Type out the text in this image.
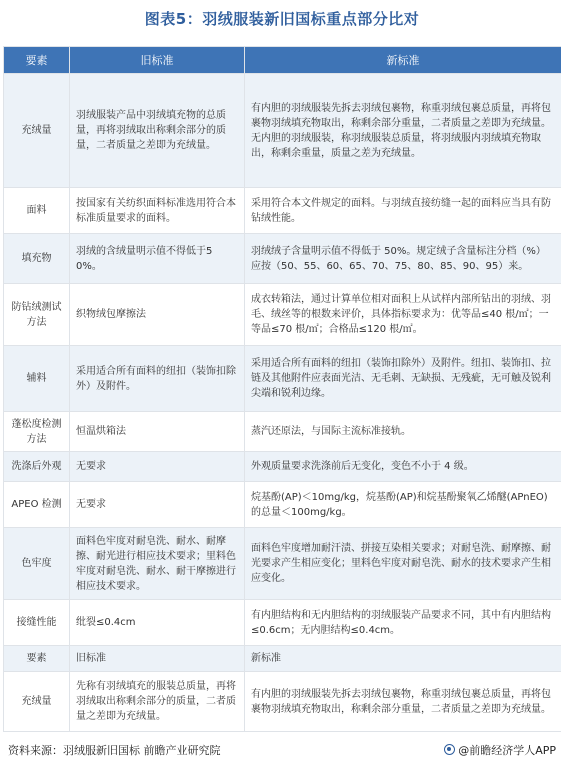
图表5：羽绒服装新旧国标重点部分比对
要素	旧标准	新标准
充绒量	羽绒服装产品中羽绒填充物的总质量，再将羽绒取出称剩余部分的质量，二者质量之差即为充绒量。	有内胆的羽绒服装先拆去羽绒包裹物，称重羽绒包裹总质量，再将包裹物羽绒填充物取出，称剩余部分重量，二者质量之差即为充绒量。无内胆的羽绒服装，称羽绒服装总质量，将羽绒服内羽绒填充物取出，称剩余重量，质量之差为充绒量。
面料	按国家有关纺织面料标准选用符合本标准质量要求的面料。	采用符合本文件规定的面料。与羽绒直接纺缝一起的面料应当具有防钻绒性能。
填充物	羽绒的含绒量明示值不得低于50%。	羽绒绒子含量明示值不得低于 50%。规定绒子含量标注分档（%）应按（50、55、60、65、70、75、80、85、90、95）来。
防钻绒测试方法	织物绒包摩擦法	成衣转箱法，通过计算单位相对面积上从试样内部所钻出的羽绒、羽毛、绒丝等的根数来评价，具体指标要求为：优等品≤40 根/㎡；一等品≤70 根/㎡；合格品≤120 根/㎡。
辅料	采用适合所有面料的纽扣（装饰扣除外）及附件。	采用适合所有面料的纽扣（装饰扣除外）及附件。纽扣、装饰扣、拉链及其他附件应表面光洁、无毛刺、无缺损、无残疵，无可触及锐利尖端和锐利边缘。
蓬松度检测方法	恒温烘箱法	蒸汽还原法，与国际主流标准接轨。
洗涤后外观	无要求	外观质量要求洗涤前后无变化，变色不小于 4 级。
APEO 检测	无要求	烷基酚(AP)＜10mg/kg，烷基酚(AP)和烷基酚聚氧乙烯醚(APnEO)的总量＜100mg/kg。
色牢度	面料色牢度对耐皂洗、耐水、耐摩擦、耐光进行相应技术要求；里料色牢度对耐皂洗、耐水、耐干摩擦进行相应技术要求。	面料色牢度增加耐汗渍、拼接互染相关要求；对耐皂洗、耐摩擦、耐光要求产生相应变化；里料色牢度对耐皂洗、耐水的技术要求产生相应变化。
接缝性能	纰裂≤0.4cm	有内胆结构和无内胆结构的羽绒服装产品要求不同，其中有内胆结构≤0.6cm；无内胆结构≤0.4cm。
要素	旧标准	新标准
充绒量	先称有羽绒填充的服装总质量，再将羽绒取出称剩余部分的质量，二者质量之差即为充绒量。	有内胆的羽绒服装先拆去羽绒包裹物，称重羽绒包裹总质量，再将包裹物羽绒填充物取出，称剩余部分重量，二者质量之差即为充绒量。
资料来源：羽绒服新旧国标 前瞻产业研究院	@前瞻经济学人APP
